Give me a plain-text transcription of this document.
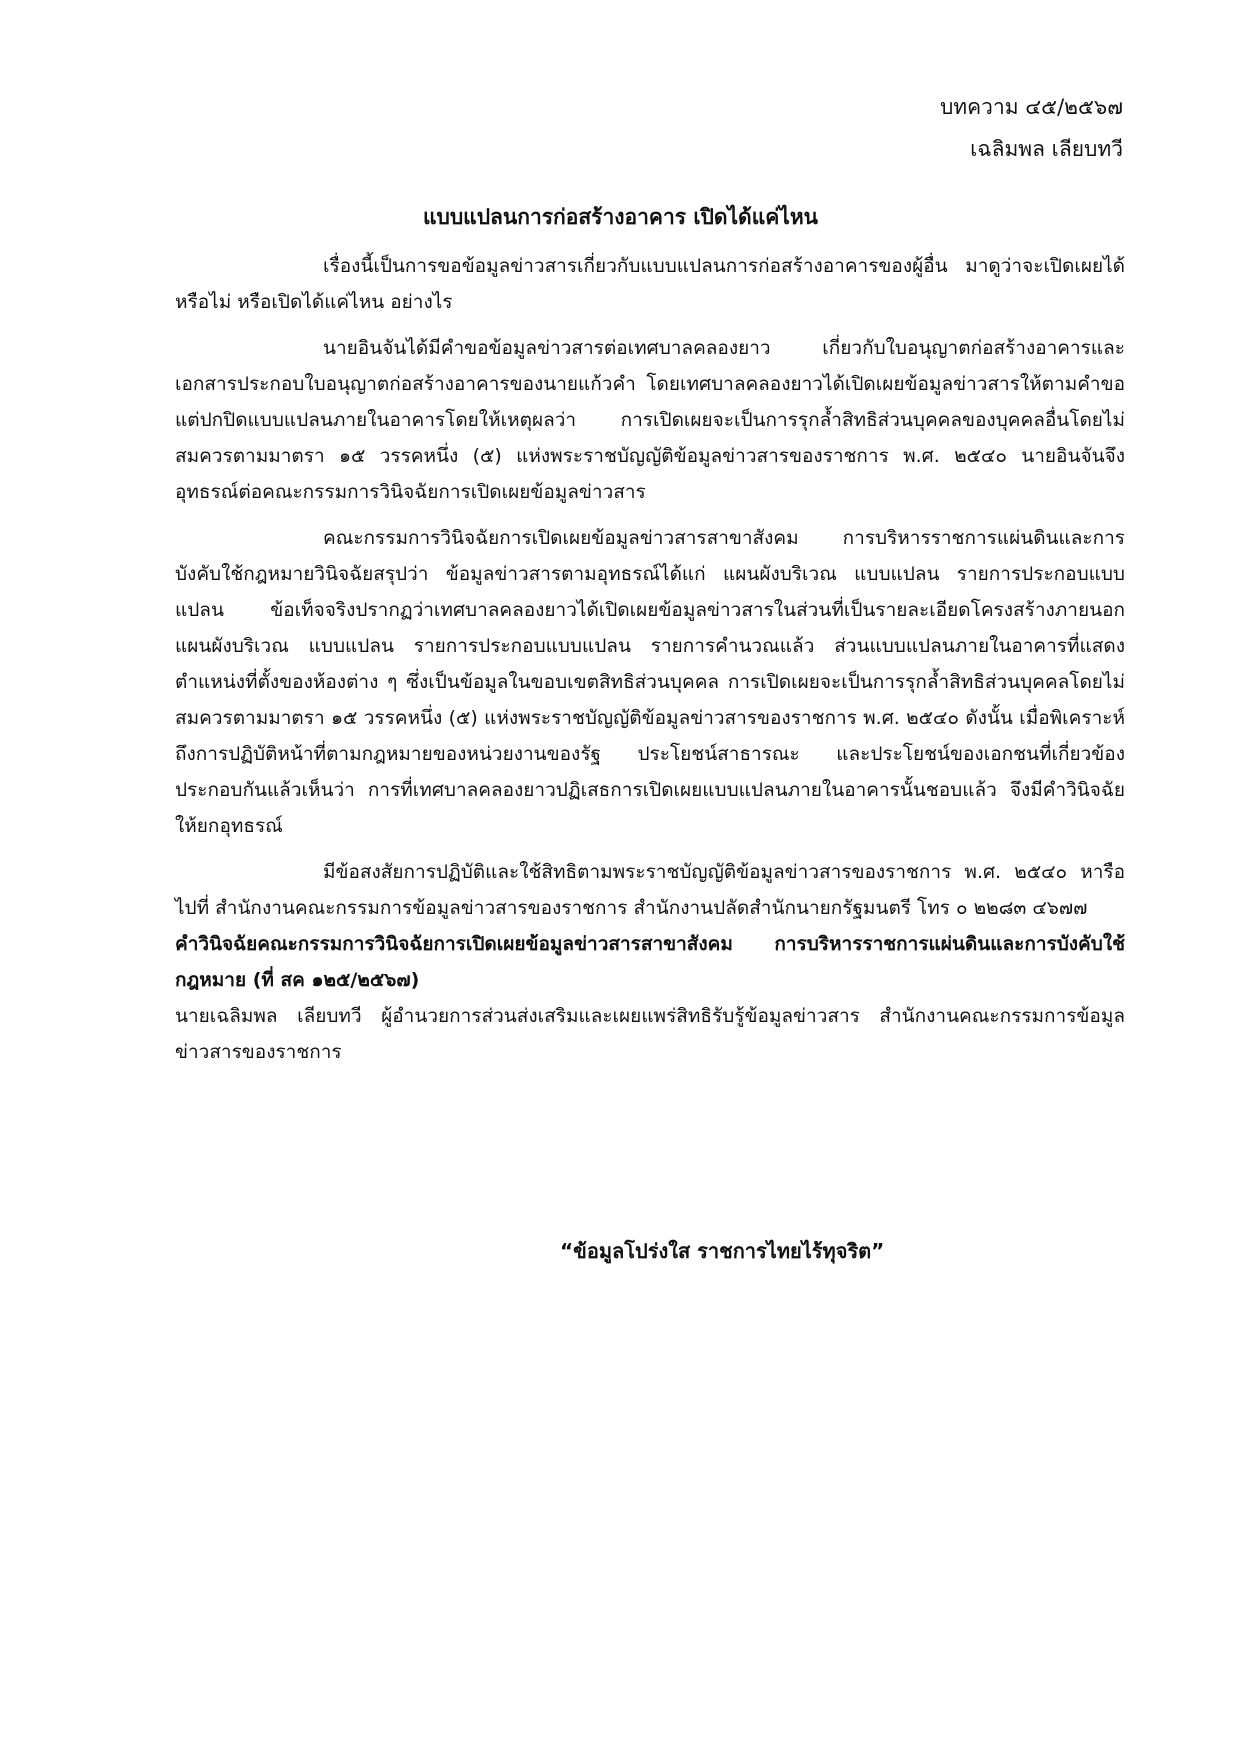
บทความ ๔๕/๒๕๖๗
เฉลิมพล เลียบทวี
แบบแปลนการก่อสร้างอาคาร เปิดได้แค่ไหน

เรื่องนี้เป็นการขอข้อมูลข่าวสารเกี่ยวกับแบบแปลนการก่อสร้างอาคารของผู้อื่น มาดูว่าจะเปิดเผยได้หรือไม่ หรือเปิดได้แค่ไหน อย่างไร

นายอินจันได้มีคำขอข้อมูลข่าวสารต่อเทศบาลคลองยาว เกี่ยวกับใบอนุญาตก่อสร้างอาคารและเอกสารประกอบใบอนุญาตก่อสร้างอาคารของนายแก้วคำ โดยเทศบาลคลองยาวได้เปิดเผยข้อมูลข่าวสารให้ตามคำขอ แต่ปกปิดแบบแปลนภายในอาคารโดยให้เหตุผลว่า การเปิดเผยจะเป็นการรุกล้ำสิทธิส่วนบุคคลของบุคคลอื่นโดยไม่สมควรตามมาตรา ๑๕ วรรคหนึ่ง (๕) แห่งพระราชบัญญัติข้อมูลข่าวสารของราชการ พ.ศ. ๒๕๔๐ นายอินจันจึงอุทธรณ์ต่อคณะกรรมการวินิจฉัยการเปิดเผยข้อมูลข่าวสาร

คณะกรรมการวินิจฉัยการเปิดเผยข้อมูลข่าวสารสาขาสังคม การบริหารราชการแผ่นดินและการบังคับใช้กฎหมายวินิจฉัยสรุปว่า ข้อมูลข่าวสารตามอุทธรณ์ได้แก่ แผนผังบริเวณ แบบแปลน รายการประกอบแบบแปลน ข้อเท็จจริงปรากฏว่าเทศบาลคลองยาวได้เปิดเผยข้อมูลข่าวสารในส่วนที่เป็นรายละเอียดโครงสร้างภายนอก แผนผังบริเวณ แบบแปลน รายการประกอบแบบแปลน รายการคำนวณแล้ว ส่วนแบบแปลนภายในอาคารที่แสดงตำแหน่งที่ตั้งของห้องต่าง ๆ ซึ่งเป็นข้อมูลในขอบเขตสิทธิส่วนบุคคล การเปิดเผยจะเป็นการรุกล้ำสิทธิส่วนบุคคลโดยไม่สมควรตามมาตรา ๑๕ วรรคหนึ่ง (๕) แห่งพระราชบัญญัติข้อมูลข่าวสารของราชการ พ.ศ. ๒๕๔๐ ดังนั้น เมื่อพิเคราะห์ถึงการปฏิบัติหน้าที่ตามกฎหมายของหน่วยงานของรัฐ ประโยชน์สาธารณะ และประโยชน์ของเอกชนที่เกี่ยวข้องประกอบกันแล้วเห็นว่า การที่เทศบาลคลองยาวปฏิเสธการเปิดเผยแบบแปลนภายในอาคารนั้นชอบแล้ว จึงมีคำวินิจฉัยให้ยกอุทธรณ์

มีข้อสงสัยการปฏิบัติและใช้สิทธิตามพระราชบัญญัติข้อมูลข่าวสารของราชการ พ.ศ. ๒๕๔๐ หารือไปที่ สำนักงานคณะกรรมการข้อมูลข่าวสารของราชการ สำนักงานปลัดสำนักนายกรัฐมนตรี โทร ๐ ๒๒๘๓ ๔๖๗๗

คำวินิจฉัยคณะกรรมการวินิจฉัยการเปิดเผยข้อมูลข่าวสารสาขาสังคม การบริหารราชการแผ่นดินและการบังคับใช้กฎหมาย (ที่ สค ๑๒๕/๒๕๖๗)

นายเฉลิมพล เลียบทวี ผู้อำนวยการส่วนส่งเสริมและเผยแพร่สิทธิรับรู้ข้อมูลข่าวสาร สำนักงานคณะกรรมการข้อมูลข่าวสารของราชการ

“ข้อมูลโปร่งใส ราชการไทยไร้ทุจริต”
